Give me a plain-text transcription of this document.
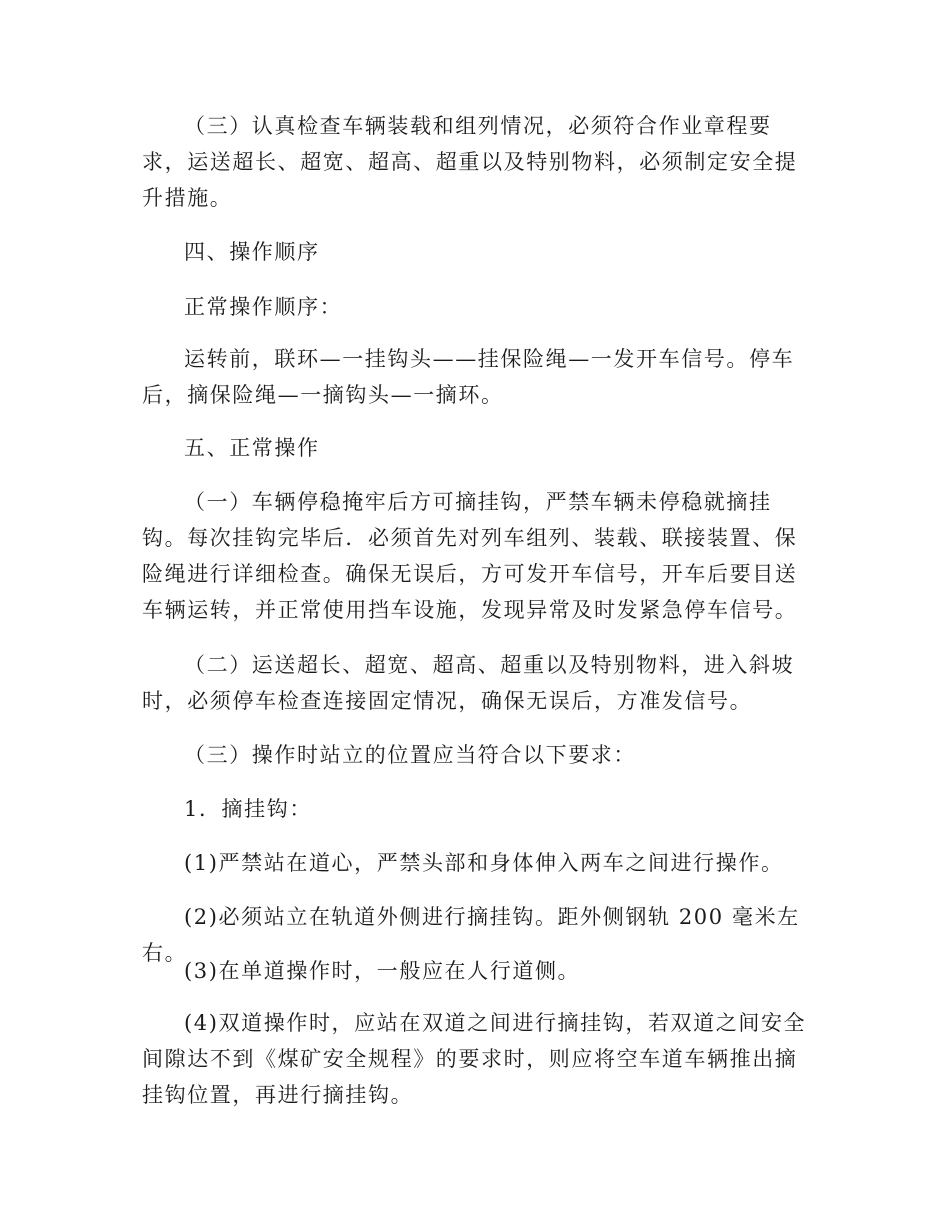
（三）认真检查车辆装载和组列情况，必须符合作业章程要求，运送超长、超宽、超高、超重以及特别物料，必须制定安全提升措施。

四、操作顺序

正常操作顺序：

运转前，联环—一挂钩头——挂保险绳—一发开车信号。停车后，摘保险绳—一摘钩头—一摘环。

五、正常操作

（一）车辆停稳掩牢后方可摘挂钩，严禁车辆未停稳就摘挂钩。每次挂钩完毕后．必须首先对列车组列、装载、联接装置、保险绳进行详细检查。确保无误后，方可发开车信号，开车后要目送车辆运转，并正常使用挡车设施，发现异常及时发紧急停车信号。

（二）运送超长、超宽、超高、超重以及特别物料，进入斜坡时，必须停车检查连接固定情况，确保无误后，方准发信号。

（三）操作时站立的位置应当符合以下要求：

1．摘挂钩：

(1)严禁站在道心，严禁头部和身体伸入两车之间进行操作。

(2)必须站立在轨道外侧进行摘挂钩。距外侧钢轨 200 毫米左右。

(3)在单道操作时，一般应在人行道侧。

(4)双道操作时，应站在双道之间进行摘挂钩，若双道之间安全间隙达不到《煤矿安全规程》的要求时，则应将空车道车辆推出摘挂钩位置，再进行摘挂钩。
